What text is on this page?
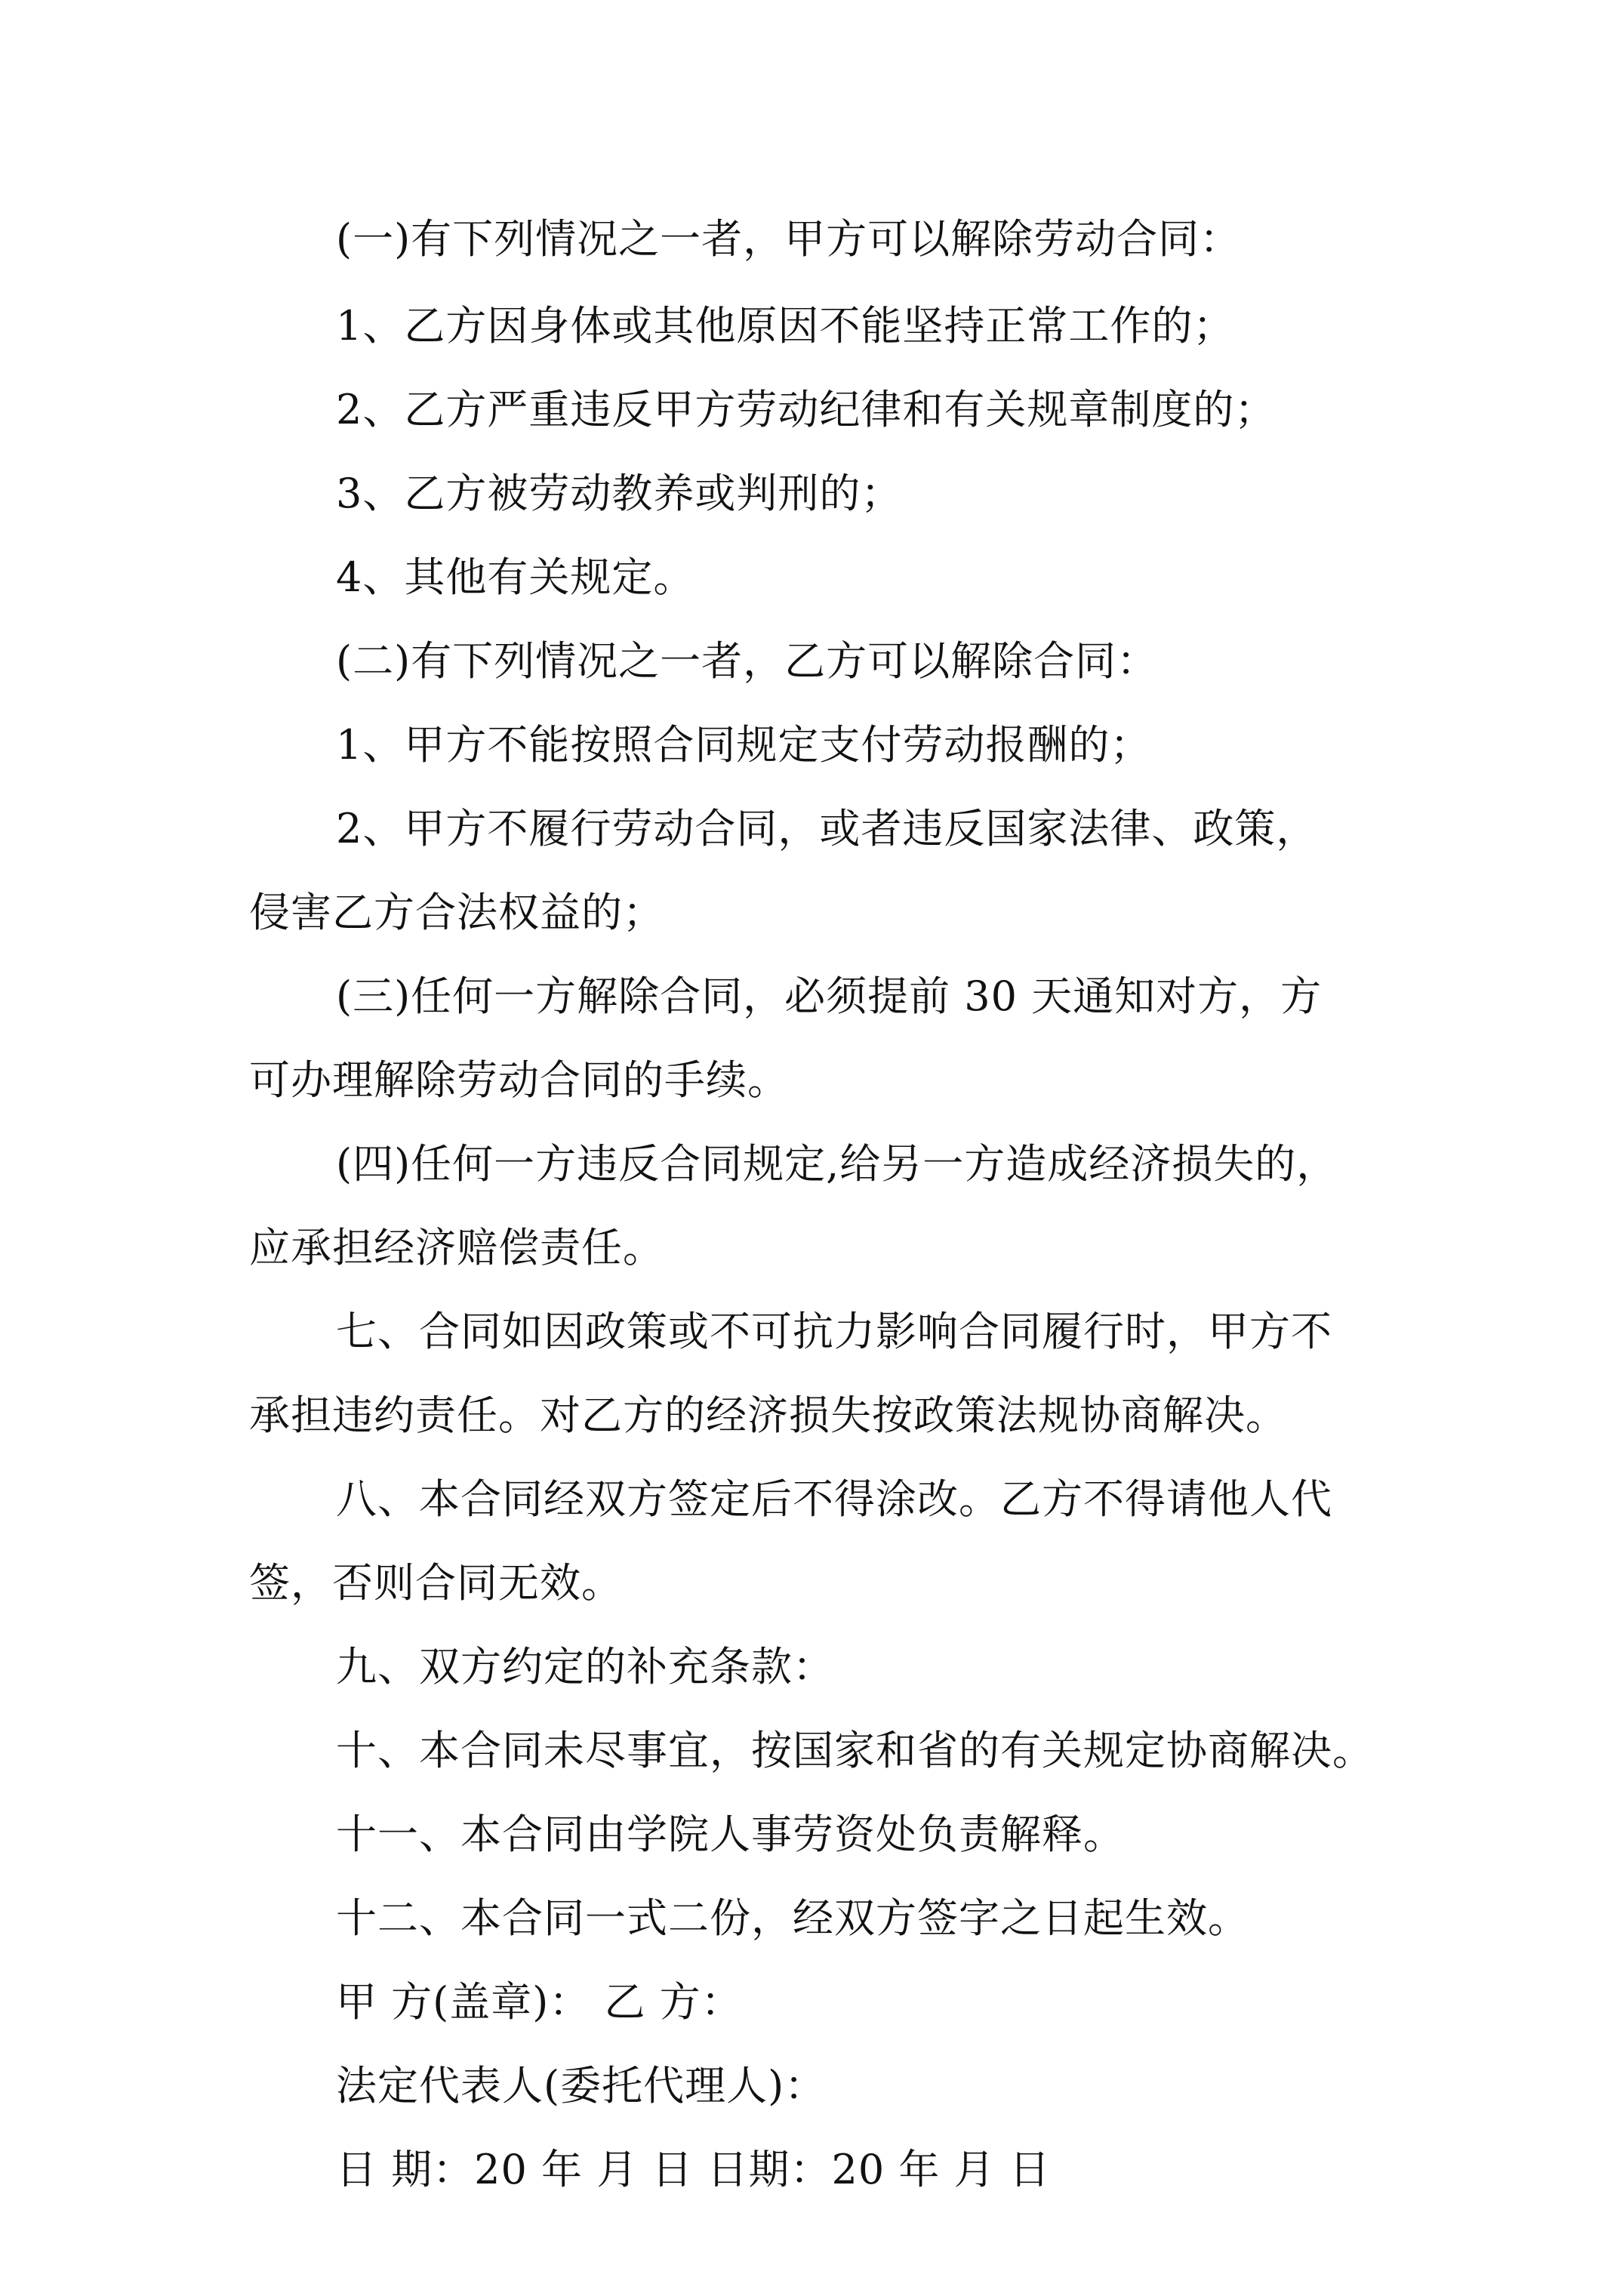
(一)有下列情况之一者，甲方可以解除劳动合同：
1、乙方因身体或其他原因不能坚持正常工作的；
2、乙方严重违反甲方劳动纪律和有关规章制度的；
3、乙方被劳动教养或判刑的；
4、其他有关规定。
(二)有下列情况之一者，乙方可以解除合同：
1、甲方不能按照合同规定支付劳动报酬的；
2、甲方不履行劳动合同，或者违反国家法律、政策，
侵害乙方合法权益的；
(三)任何一方解除合同，必须提前 30 天通知对方，方
可办理解除劳动合同的手续。
(四)任何一方违反合同规定,给另一方造成经济损失的，
应承担经济赔偿责任。
七、合同如因政策或不可抗力影响合同履行时，甲方不
承担违约责任。对乙方的经济损失按政策法规协商解决。
八、本合同经双方签定后不得涂改。乙方不得请他人代
签，否则合同无效。
九、双方约定的补充条款：
十、本合同未尽事宜，按国家和省的有关规定协商解决。
十一、本合同由学院人事劳资处负责解释。
十二、本合同一式二份，经双方签字之日起生效。
甲 方(盖章)： 乙 方：
法定代表人(委托代理人)：
日 期：20 年 月 日 日期：20 年 月 日
